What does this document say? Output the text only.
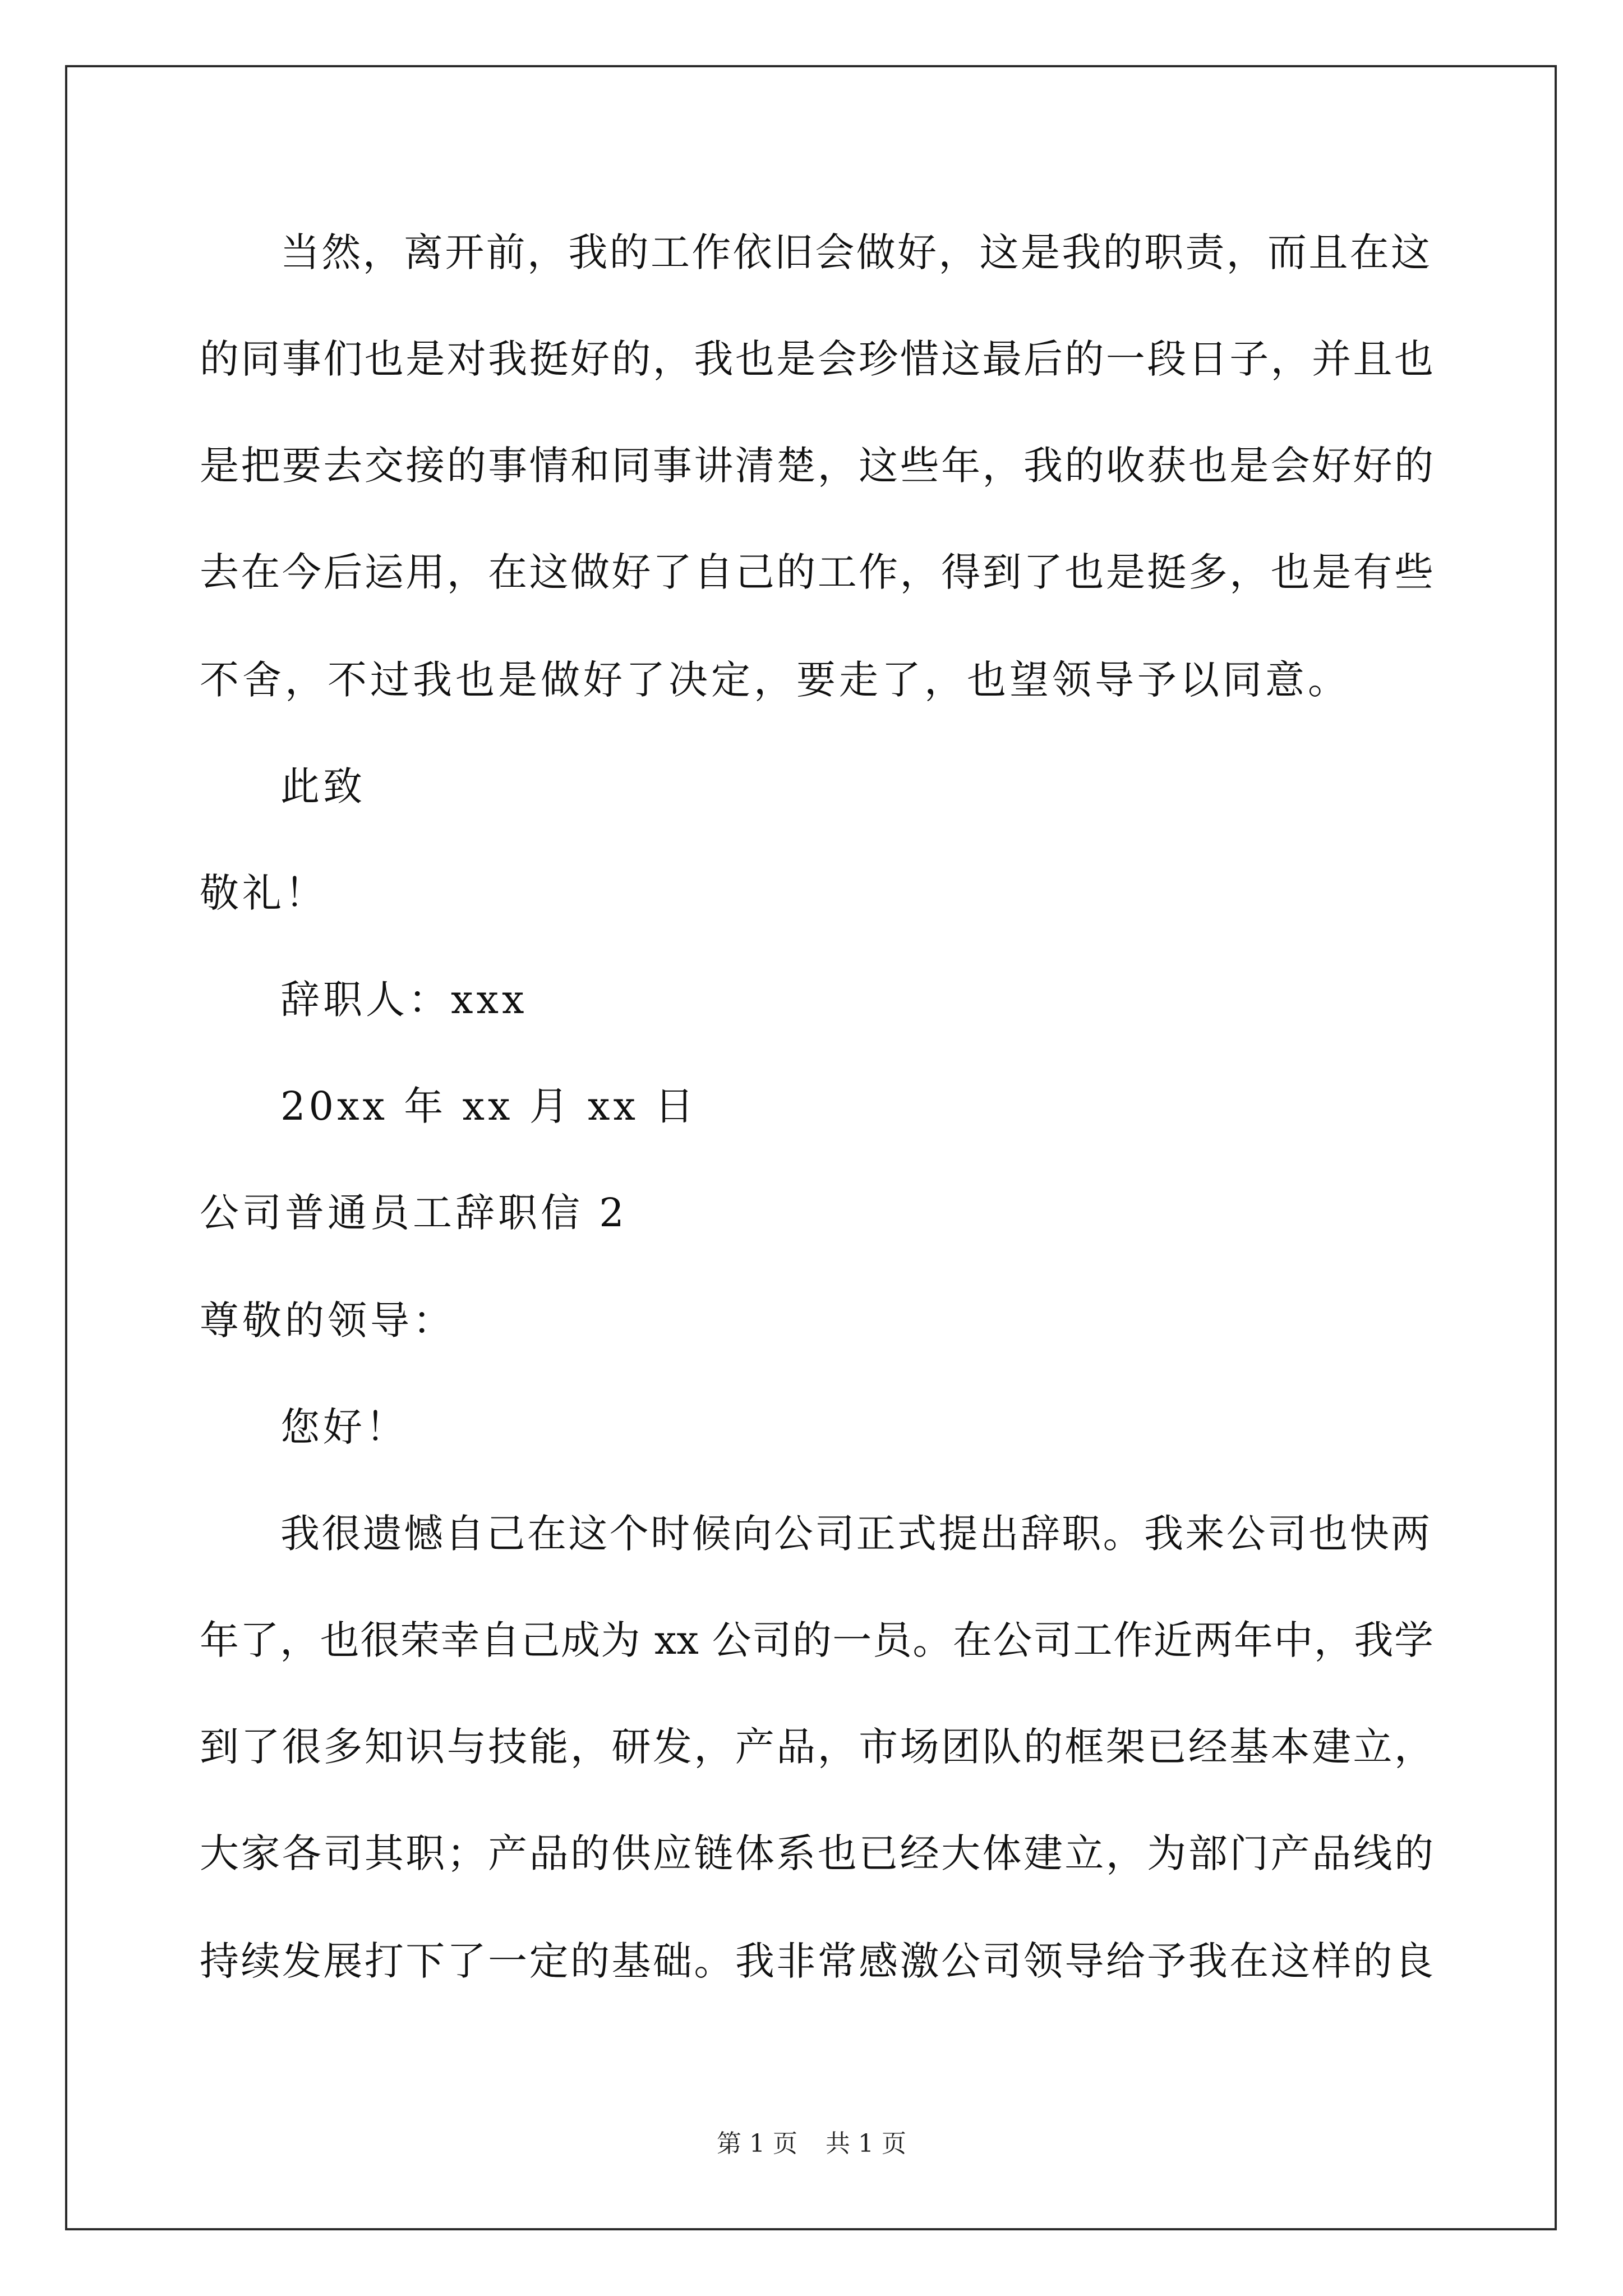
当然，离开前，我的工作依旧会做好，这是我的职责，而且在这

的同事们也是对我挺好的，我也是会珍惜这最后的一段日子，并且也

是把要去交接的事情和同事讲清楚，这些年，我的收获也是会好好的

去在今后运用，在这做好了自己的工作，得到了也是挺多，也是有些

不舍，不过我也是做好了决定，要走了，也望领导予以同意。

此致

敬礼！

辞职人：xxx

20xx 年 xx 月 xx 日

公司普通员工辞职信 2

尊敬的领导：

您好！

我很遗憾自己在这个时候向公司正式提出辞职。我来公司也快两

年了，也很荣幸自己成为 xx 公司的一员。在公司工作近两年中，我学

到了很多知识与技能，研发，产品，市场团队的框架已经基本建立，

大家各司其职；产品的供应链体系也已经大体建立，为部门产品线的

持续发展打下了一定的基础。我非常感激公司领导给予我在这样的良

第 1 页 共 1 页
